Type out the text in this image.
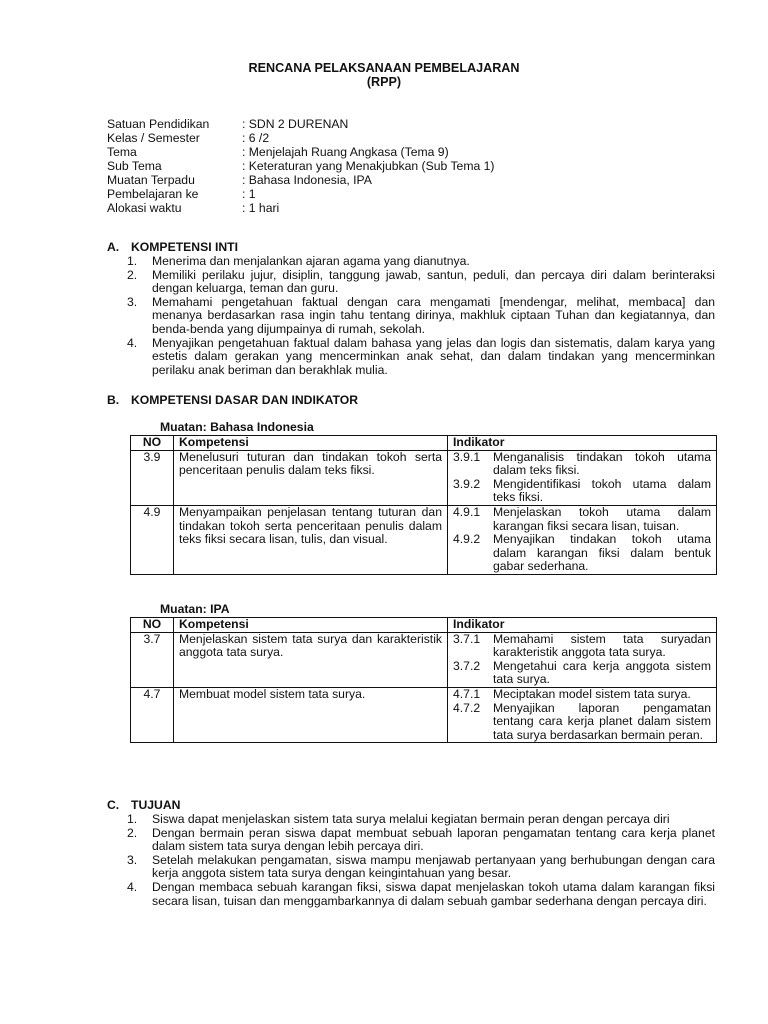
RENCANA PELAKSANAAN PEMBELAJARAN
(RPP)
Satuan Pendidikan	: SDN 2 DURENAN
Kelas / Semester	: 6 /2
Tema	: Menjelajah Ruang Angkasa (Tema 9)
Sub Tema	: Keteraturan yang Menakjubkan (Sub Tema 1)
Muatan Terpadu	: Bahasa Indonesia, IPA
Pembelajaran ke	: 1
Alokasi waktu	: 1 hari
A. KOMPETENSI INTI
1.	Menerima dan menjalankan ajaran agama yang dianutnya.
2.	Memiliki perilaku jujur, disiplin, tanggung jawab, santun, peduli, dan percaya diri dalam berinteraksi dengan keluarga, teman dan guru.
3.	Memahami pengetahuan faktual dengan cara mengamati [mendengar, melihat, membaca] dan menanya berdasarkan rasa ingin tahu tentang dirinya, makhluk ciptaan Tuhan dan kegiatannya, dan benda-benda yang dijumpainya di rumah, sekolah.
4.	Menyajikan pengetahuan faktual dalam bahasa yang jelas dan logis dan sistematis, dalam karya yang estetis dalam gerakan yang mencerminkan anak sehat, dan dalam tindakan yang mencerminkan perilaku anak beriman dan berakhlak mulia.
B. KOMPETENSI DASAR DAN INDIKATOR
Muatan: Bahasa Indonesia
NO	Kompetensi	Indikator
3.9	Menelusuri tuturan dan tindakan tokoh serta penceritaan penulis dalam teks fiksi.	3.9.1 Menganalisis tindakan tokoh utama dalam teks fiksi.
3.9.2 Mengidentifikasi tokoh utama dalam teks fiksi.

4.9	Menyampaikan penjelasan tentang tuturan dan tindakan tokoh serta penceritaan penulis dalam teks fiksi secara lisan, tulis, dan visual.	4.9.1 Menjelaskan tokoh utama dalam karangan fiksi secara lisan, tuisan.
4.9.2 Menyajikan tindakan tokoh utama dalam karangan fiksi dalam bentuk gabar sederhana.
Muatan: IPA
NO	Kompetensi	Indikator
3.7	Menjelaskan sistem tata surya dan karakteristik anggota tata surya.	3.7.1 Memahami sistem tata suryadan karakteristik anggota tata surya.
3.7.2 Mengetahui cara kerja anggota sistem tata surya.

4.7	Membuat model sistem tata surya.	4.7.1 Meciptakan model sistem tata surya.
4.7.2 Menyajikan laporan pengamatan tentang cara kerja planet dalam sistem tata surya berdasarkan bermain peran.
C. TUJUAN
1.	Siswa dapat menjelaskan sistem tata surya melalui kegiatan bermain peran dengan percaya diri
2.	Dengan bermain peran siswa dapat membuat sebuah laporan pengamatan tentang cara kerja planet dalam sistem tata surya dengan lebih percaya diri.
3.	Setelah melakukan pengamatan, siswa mampu menjawab pertanyaan yang berhubungan dengan cara kerja anggota sistem tata surya dengan keingintahuan yang besar.
4.	Dengan membaca sebuah karangan fiksi, siswa dapat menjelaskan tokoh utama dalam karangan fiksi secara lisan, tuisan dan menggambarkannya di dalam sebuah gambar sederhana dengan percaya diri.
